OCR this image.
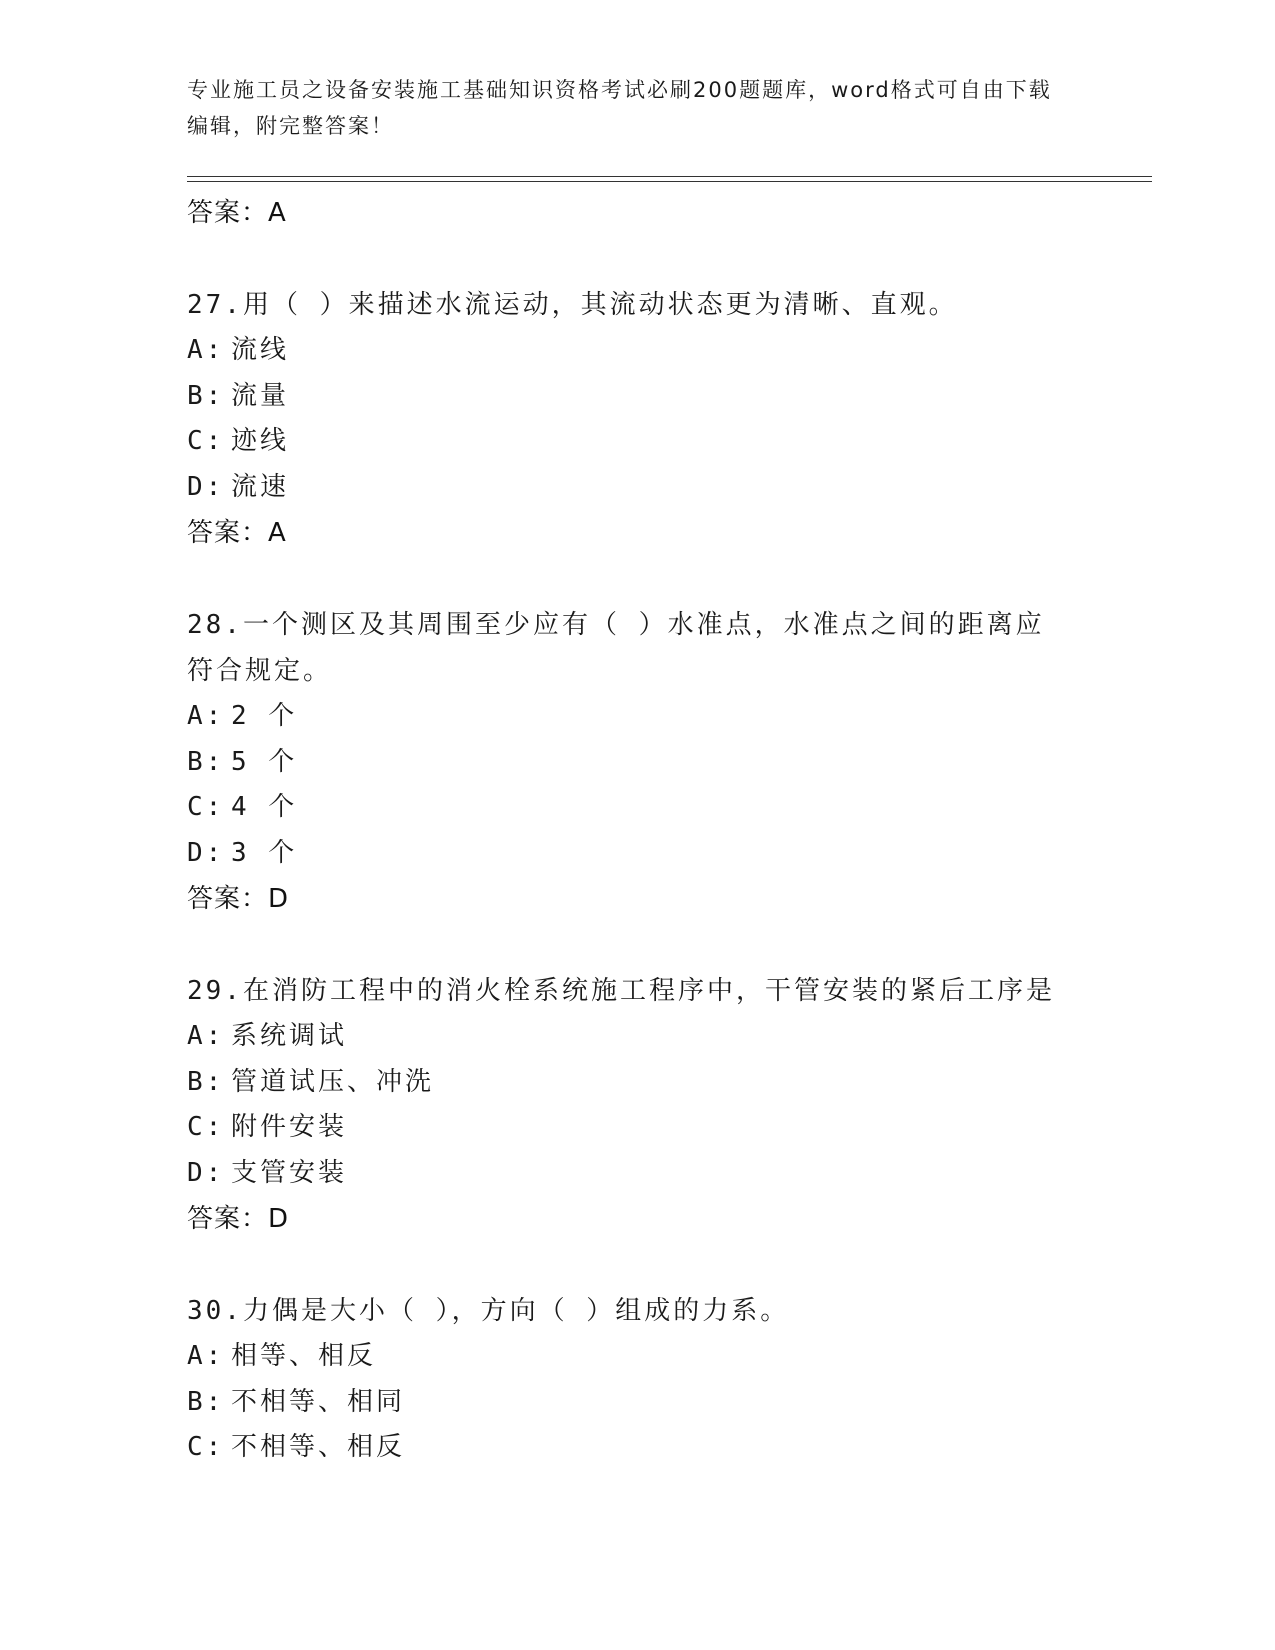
专业施工员之设备安装施工基础知识资格考试必刷200题题库，word格式可自由下载编辑，附完整答案！
答案：A
27.用（ ）来描述水流运动，其流动状态更为清晰、直观。
A: 流线
B: 流量
C: 迹线
D: 流速
答案：A
28.一个测区及其周围至少应有（ ）水准点，水准点之间的距离应符合规定。
A: 2 个
B: 5 个
C: 4 个
D: 3 个
答案：D
29.在消防工程中的消火栓系统施工程序中，干管安装的紧后工序是
A: 系统调试
B: 管道试压、冲洗
C: 附件安装
D: 支管安装
答案：D
30.力偶是大小（ ），方向（ ）组成的力系。
A: 相等、相反
B: 不相等、相同
C: 不相等、相反
